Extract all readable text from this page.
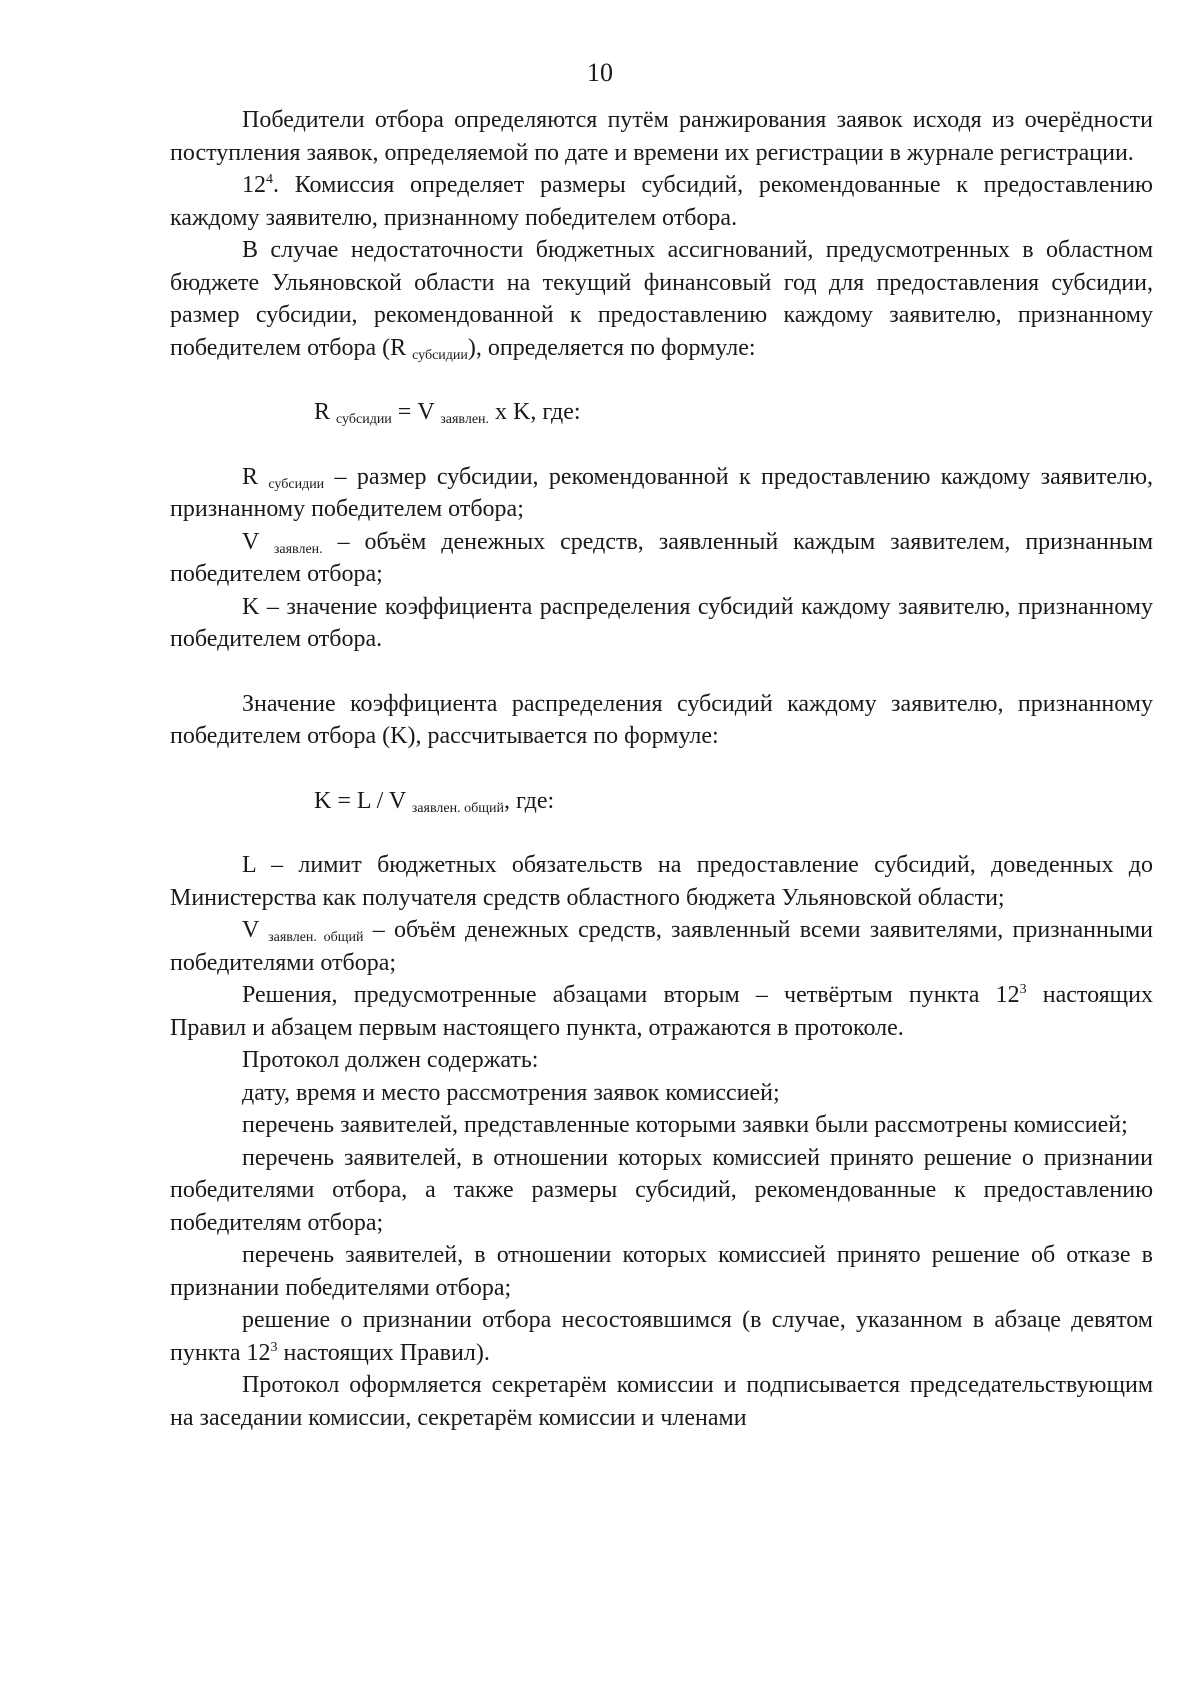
10

Победители отбора определяются путём ранжирования заявок исходя из очерёдности поступления заявок, определяемой по дате и времени их регистрации в журнале регистрации.

$12^4$. Комиссия определяет размеры субсидий, рекомендованные к предоставлению каждому заявителю, признанному победителем отбора.

В случае недостаточности бюджетных ассигнований, предусмотренных в областном бюджете Ульяновской области на текущий финансовый год для предоставления субсидии, размер субсидии, рекомендованной к предоставлению каждому заявителю, признанному победителем отбора (R $_{субсидии}$), определяется по формуле:

R $_{субсидии}$ = V $_{заявлен.}$ х K, где:

R $_{субсидии}$ – размер субсидии, рекомендованной к предоставлению каждому заявителю, признанному победителем отбора;

V $_{заявлен.}$ – объём денежных средств, заявленный каждым заявителем, признанным победителем отбора;

K – значение коэффициента распределения субсидий каждому заявителю, признанному победителем отбора.

Значение коэффициента распределения субсидий каждому заявителю, признанному победителем отбора (K), рассчитывается по формуле:

K = L / V $_{заявлен. общий}$, где:

L – лимит бюджетных обязательств на предоставление субсидий, доведенных до Министерства как получателя средств областного бюджета Ульяновской области;

V $_{заявлен. общий}$ – объём денежных средств, заявленный всеми заявителями, признанными победителями отбора;

Решения, предусмотренные абзацами вторым – четвёртым пункта $12^3$ настоящих Правил и абзацем первым настоящего пункта, отражаются в протоколе.

Протокол должен содержать:

дату, время и место рассмотрения заявок комиссией;

перечень заявителей, представленные которыми заявки были рассмотрены комиссией;

перечень заявителей, в отношении которых комиссией принято решение о признании победителями отбора, а также размеры субсидий, рекомендованные к предоставлению победителям отбора;

перечень заявителей, в отношении которых комиссией принято решение об отказе в признании победителями отбора;

решение о признании отбора несостоявшимся (в случае, указанном в абзаце девятом пункта $12^3$ настоящих Правил).

Протокол оформляется секретарём комиссии и подписывается председательствующим на заседании комиссии, секретарём комиссии и членами
